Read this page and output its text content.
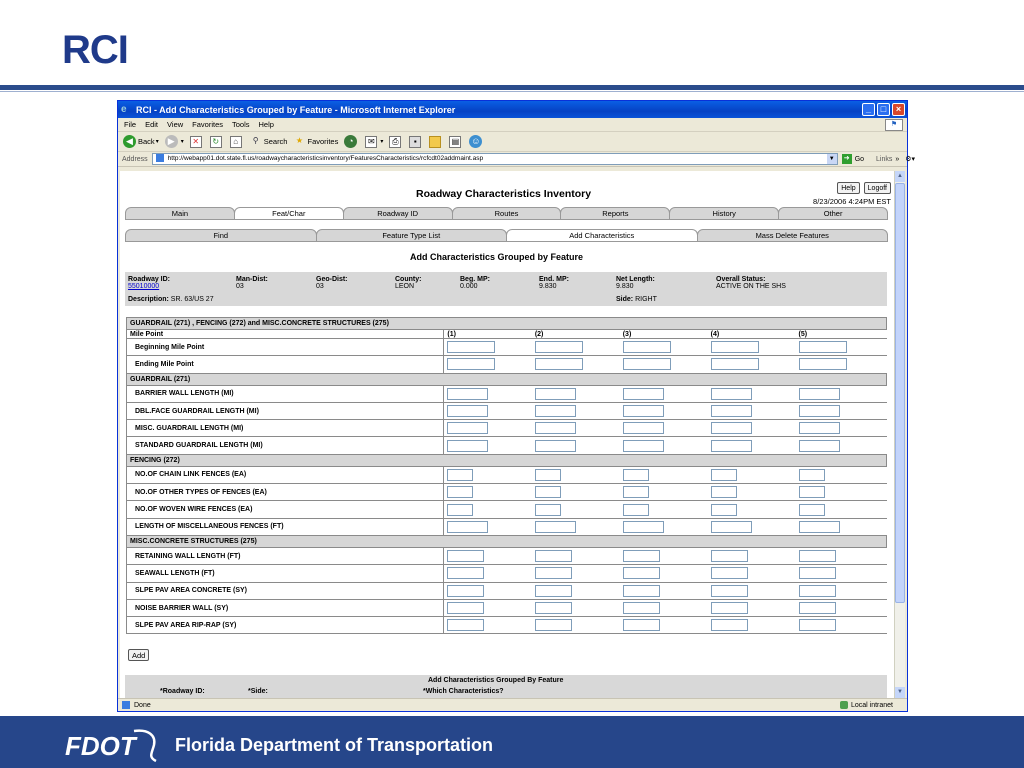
RCI
e	RCI - Add Characteristics Grouped by Feature - Microsoft Internet Explorer	_	□	×
File Edit View Favorites Tools Help	⚑
◀ Back ▾	▶	▾	✕	↻	⌂	⚲ Search	★ Favorites	◔	✉ ▾	⎙	▪	▤ ☺
Address	http://webapp01.dot.state.fl.us/roadwaycharacteristicsinventory/FeaturesCharacteristics/rcfcdt02addmaint.asp	▼ ➜ Go Links » ⚙▾
Roadway Characteristics Inventory	Help	Logoff
8/23/2006 4:24PM EST
Main	Feat/Char	Roadway ID	Routes	Reports	History	Other
Find	Feature Type List	Add Characteristics	Mass Delete Features
Add Characteristics Grouped by Feature
Roadway ID:
55010000
Man-Dist:
03
Geo-Dist:
03
County:
LEON
Beg. MP:
0.000
End. MP:
9.830
Net Length:
9.830
Overall Status:
ACTIVE ON THE SHS
Description: SR. 63/US 27	Side: RIGHT
GUARDRAIL (271) , FENCING (272) and MISC.CONCRETE STRUCTURES (275)					
Mile Point	(1)	(2)	(3)	(4)	(5)
Beginning Mile Point					
Ending Mile Point					
GUARDRAIL (271)					
BARRIER WALL LENGTH (MI)					
DBL.FACE GUARDRAIL LENGTH (MI)					
MISC. GUARDRAIL LENGTH (MI)					
STANDARD GUARDRAIL LENGTH (MI)					
FENCING (272)					
NO.OF CHAIN LINK FENCES (EA)					
NO.OF OTHER TYPES OF FENCES (EA)					
NO.OF WOVEN WIRE FENCES (EA)					
LENGTH OF MISCELLANEOUS FENCES (FT)					
MISC.CONCRETE STRUCTURES (275)					
RETAINING WALL LENGTH (FT)					
SEAWALL LENGTH (FT)					
SLPE PAV AREA CONCRETE (SY)					
NOISE BARRIER WALL (SY)					
SLPE PAV AREA RIP-RAP (SY)					
Add
Add Characteristics Grouped By Feature
*Roadway ID:	*Side:	*Which Characteristics?
▲
▼
Done	Local intranet
FDOT Florida Department of Transportation
